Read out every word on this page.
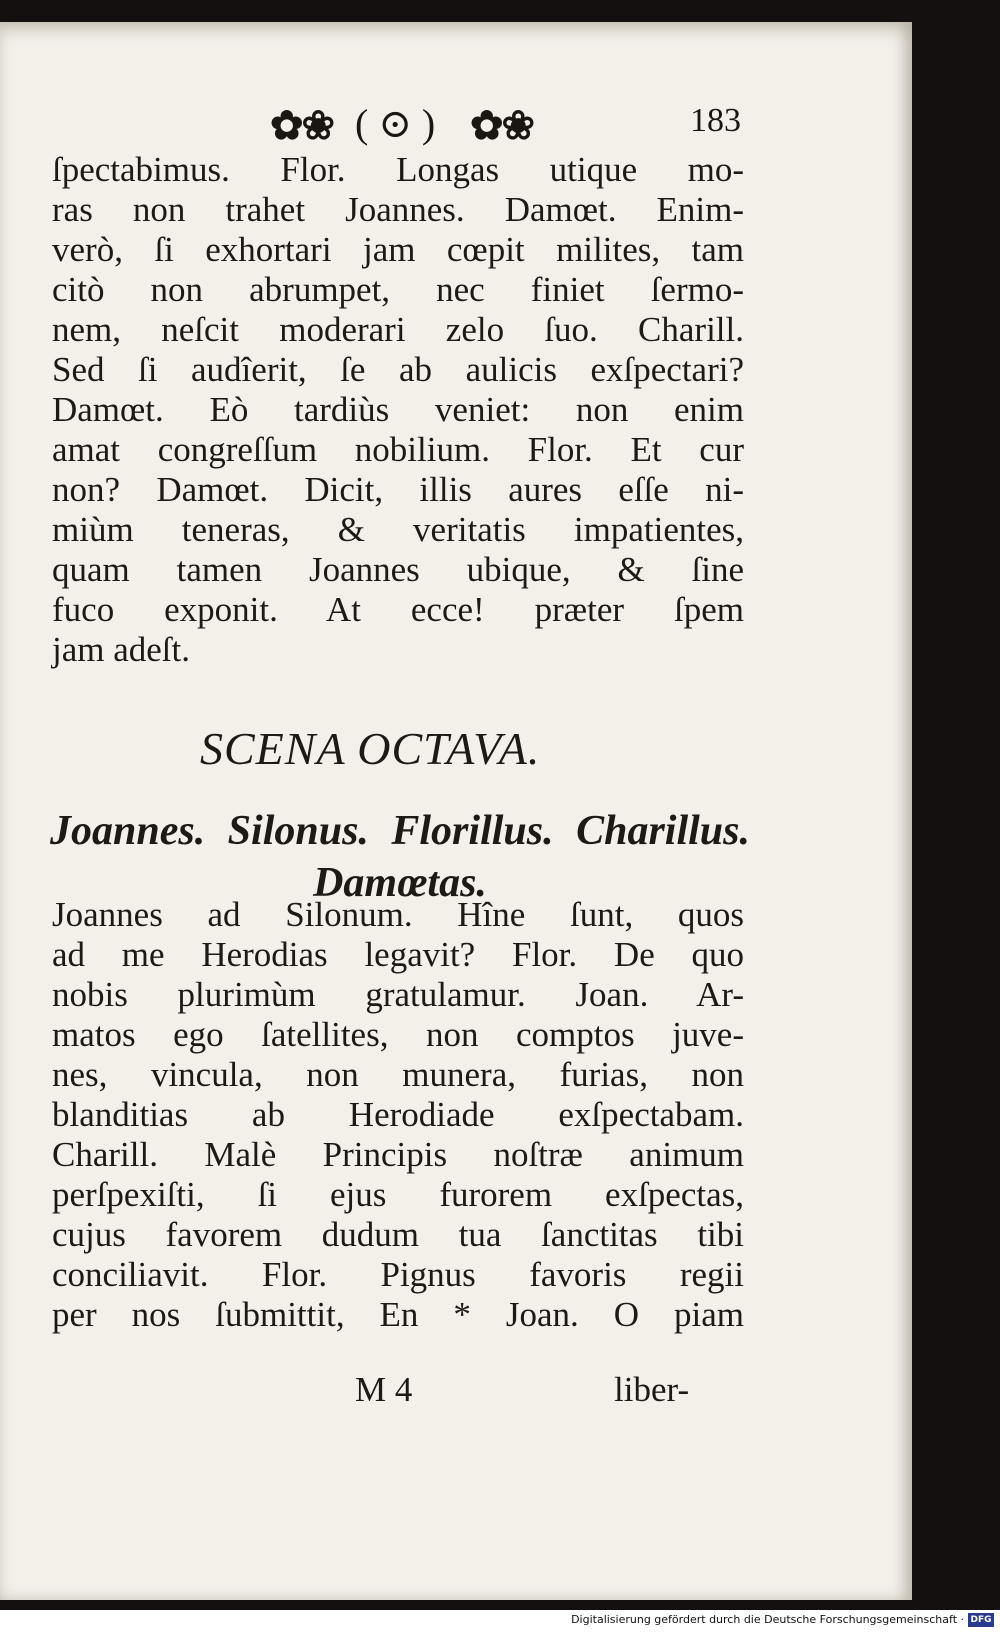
✿❀ ( ⊙ ) ✿❀	183
ſpectabimus. Flor. Longas utique mo-
ras non trahet Joannes. Damœt. Enim-
verò, ſi exhortari jam cœpit milites, tam
citò non abrumpet, nec finiet ſermo-
nem, neſcit moderari zelo ſuo. Charill.
Sed ſi audîerit, ſe ab aulicis exſpectari?
Damœt. Eò tardiùs veniet: non enim
amat congreſſum nobilium. Flor. Et cur
non? Damœt. Dicit, illis aures eſſe ni-
miùm teneras, & veritatis impatientes,
quam tamen Joannes ubique, & ſine
fuco exponit. At ecce! præter ſpem
jam adeſt.
SCENA OCTAVA.
Joannes. Silonus. Florillus. Charillus.
Damœtas.
Joannes ad Silonum. Hîne ſunt, quos
ad me Herodias legavit? Flor. De quo
nobis plurimùm gratulamur. Joan. Ar-
matos ego ſatellites, non comptos juve-
nes, vincula, non munera, furias, non
blanditias ab Herodiade exſpectabam.
Charill. Malè Principis noſtræ animum
perſpexiſti, ſi ejus furorem exſpectas,
cujus favorem dudum tua ſanctitas tibi
conciliavit. Flor. Pignus favoris regii
per nos ſubmittit, En * Joan. O piam
M 4	liber-
Digitalisierung gefördert durch die Deutsche Forschungsgemeinschaft · DFG
